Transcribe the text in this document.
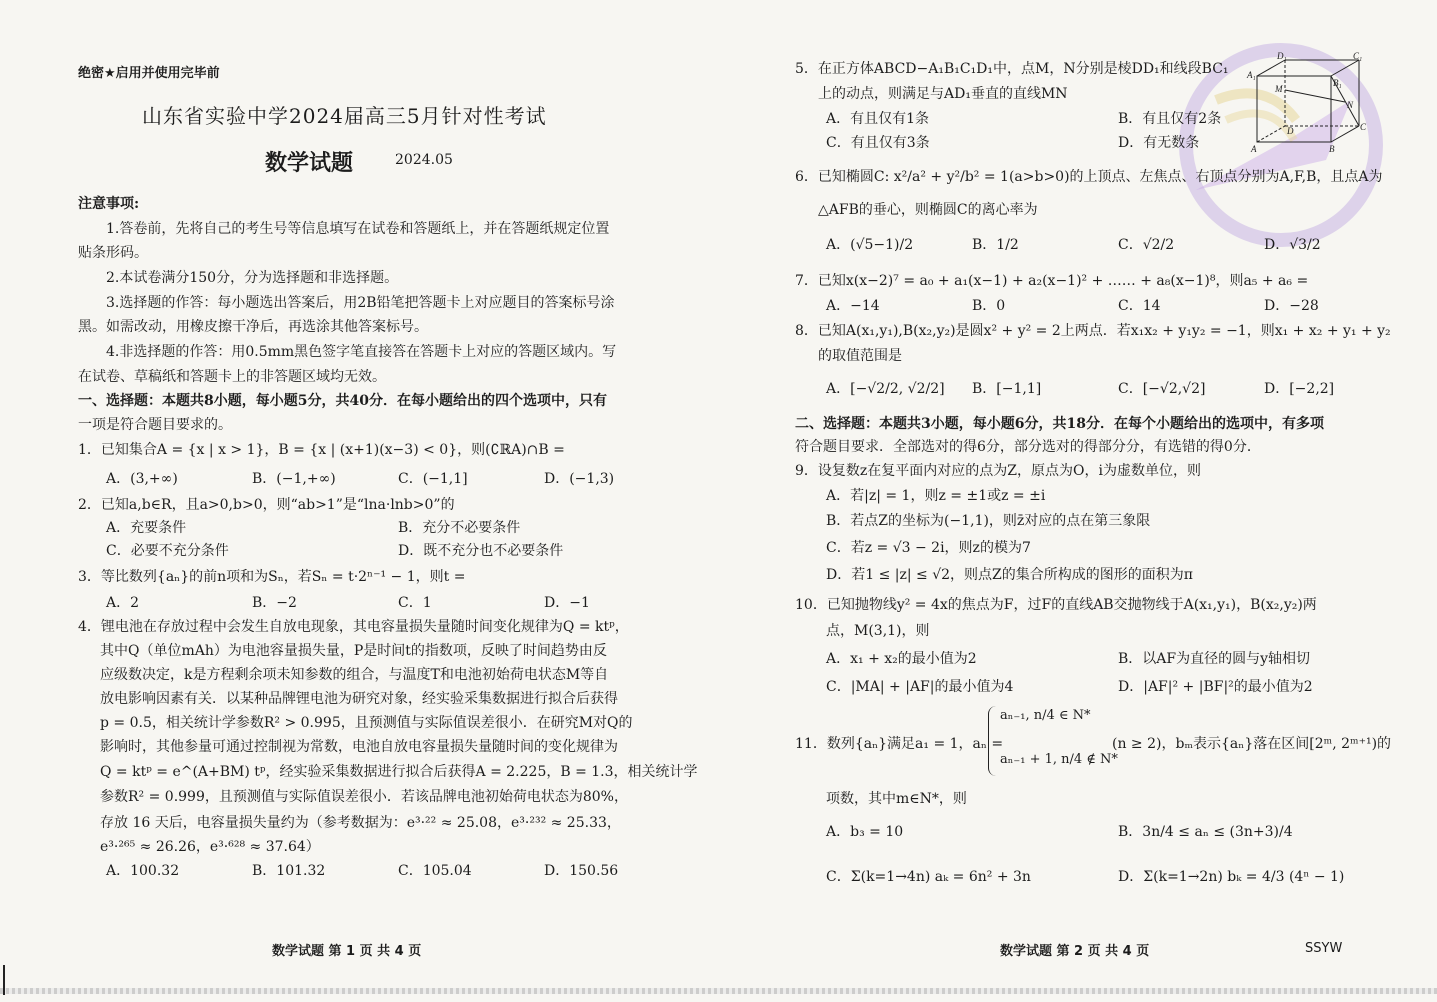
绝密★启用并使用完毕前
山东省实验中学2024届高三5月针对性考试
数学试题	2024.05
注意事项:
1.答卷前，先将自己的考生号等信息填写在试卷和答题纸上，并在答题纸规定位置
贴条形码。
2.本试卷满分150分，分为选择题和非选择题。
3.选择题的作答：每小题选出答案后，用2B铅笔把答题卡上对应题目的答案标号涂
黑。如需改动，用橡皮擦干净后，再选涂其他答案标号。
4.非选择题的作答：用0.5mm黑色签字笔直接答在答题卡上对应的答题区域内。写
在试卷、草稿纸和答题卡上的非答题区域均无效。
一、选择题：本题共8小题，每小题5分，共40分．在每小题给出的四个选项中，只有
一项是符合题目要求的。
1．已知集合A = {x | x > 1}，B = {x | (x+1)(x−3) < 0}，则(∁ℝA)∩B =
A．(3,+∞)	B．(−1,+∞)	C．(−1,1]	D．(−1,3)
2．已知a,b∈R，且a>0,b>0，则“ab>1”是“lna·lnb>0”的
A．充要条件	B．充分不必要条件
C．必要不充分条件	D．既不充分也不必要条件
3．等比数列{aₙ}的前n项和为Sₙ，若Sₙ = t·2ⁿ⁻¹ − 1，则t =
A．2	B．−2	C．1	D．−1
4．锂电池在存放过程中会发生自放电现象，其电容量损失量随时间变化规律为Q = ktᵖ，
其中Q（单位mAh）为电池容量损失量，P是时间t的指数项，反映了时间趋势由反
应级数决定，k是方程剩余项未知参数的组合，与温度T和电池初始荷电状态M等自
放电影响因素有关．以某种品牌锂电池为研究对象，经实验采集数据进行拟合后获得
p = 0.5，相关统计学参数R² > 0.995，且预测值与实际值误差很小．在研究M对Q的
影响时，其他参量可通过控制视为常数，电池自放电容量损失量随时间的变化规律为
Q = ktᵖ = e^(A+BM) tᵖ，经实验采集数据进行拟合后获得A = 2.225，B = 1.3，相关统计学
参数R² = 0.999，且预测值与实际值误差很小．若该品牌电池初始荷电状态为80%，
存放 16 天后，电容量损失量约为（参考数据为：e³·²² ≈ 25.08，e³·²³² ≈ 25.33，
e³·²⁶⁵ ≈ 26.26，e³·⁶²⁸ ≈ 37.64）
A．100.32	B．101.32	C．105.04	D．150.56
数学试题 第 1 页 共 4 页
5．在正方体ABCD−A₁B₁C₁D₁中，点M，N分别是棱DD₁和线段BC₁
上的动点，则满足与AD₁垂直的直线MN
A．有且仅有1条	B．有且仅有2条
C．有且仅有3条	D．有无数条
D₁	C₁
A₁
B₁
M
N
D	C
A	B
6．已知椭圆C: x²/a² + y²/b² = 1(a>b>0)的上顶点、左焦点、右顶点分别为A,F,B，且点A为
△AFB的垂心，则椭圆C的离心率为
A．(√5−1)/2	B．1/2	C．√2/2	D．√3/2
7．已知x(x−2)⁷ = a₀ + a₁(x−1) + a₂(x−1)² + …… + a₈(x−1)⁸，则a₅ + a₆ =
A．−14	B．0	C．14	D．−28
8．已知A(x₁,y₁),B(x₂,y₂)是圆x² + y² = 2上两点．若x₁x₂ + y₁y₂ = −1，则x₁ + x₂ + y₁ + y₂
的取值范围是
A．[−√2/2, √2/2] B．[−1,1]	C．[−√2,√2]	D．[−2,2]
二、选择题：本题共3小题，每小题6分，共18分．在每个小题给出的选项中，有多项
符合题目要求．全部选对的得6分，部分选对的得部分分，有选错的得0分．
9．设复数z在复平面内对应的点为Z，原点为O，i为虚数单位，则
A．若|z| = 1，则z = ±1或z = ±i
B．若点Z的坐标为(−1,1)，则z̄对应的点在第三象限
C．若z = √3 − 2i，则z的模为7
D．若1 ≤ |z| ≤ √2，则点Z的集合所构成的图形的面积为π
10．已知抛物线y² = 4x的焦点为F，过F的直线AB交抛物线于A(x₁,y₁)，B(x₂,y₂)两
点，M(3,1)，则
A．x₁ + x₂的最小值为2	B．以AF为直径的圆与y轴相切
C．|MA| + |AF|的最小值为4	D．|AF|² + |BF|²的最小值为2
11．数列{aₙ}满足a₁ = 1，aₙ =
aₙ₋₁, n/4 ∈ N*
aₙ₋₁ + 1, n/4 ∉ N*
(n ≥ 2)，bₘ表示{aₙ}落在区间[2ᵐ, 2ᵐ⁺¹)的
项数，其中m∈N*，则
A．b₃ = 10	B．3n/4 ≤ aₙ ≤ (3n+3)/4
C．Σ(k=1→4n) aₖ = 6n² + 3n	D．Σ(k=1→2n) bₖ = 4/3 (4ⁿ − 1)
数学试题 第 2 页 共 4 页	SSYW
